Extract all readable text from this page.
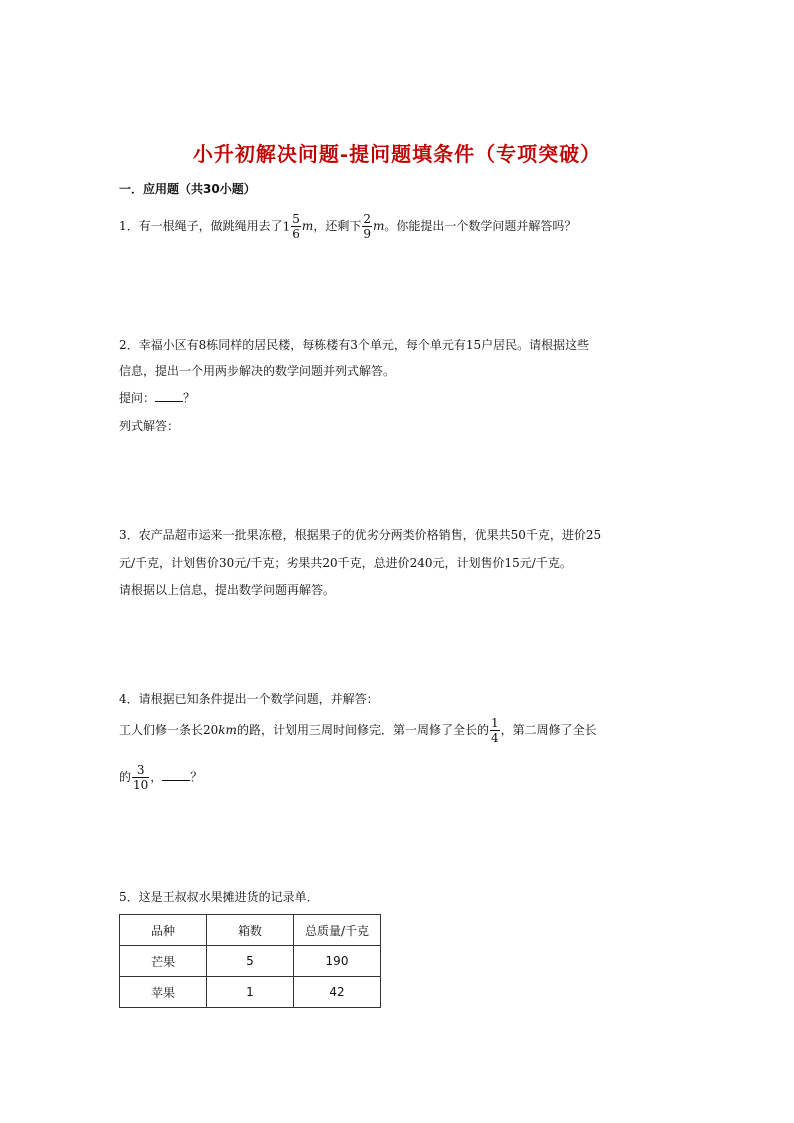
小升初解决问题-提问题填条件（专项突破）
一．应用题（共30小题）
1．有一根绳子，做跳绳用去了$1 \frac{5}{6}$ m，还剩下 $\frac{2}{9}$ m。你能提出一个数学问题并解答吗？
2．幸福小区有8栋同样的居民楼，每栋楼有3个单元，每个单元有15户居民。请根据这些
信息，提出一个用两步解决的数学问题并列式解答。
提问： ？
列式解答：
3．农产品超市运来一批果冻橙，根据果子的优劣分两类价格销售，优果共50千克，进价25
元/千克，计划售价30元/千克；劣果共20千克，总进价240元，计划售价15元/千克。
请根据以上信息，提出数学问题再解答。
4．请根据已知条件提出一个数学问题，并解答：
工人们修一条长20km的路，计划用三周时间修完．第一周修了全长的 $\frac{1}{4}$ ，第二周修了全长
的 $\frac{3}{10}$ ， ？
5．这是王叔叔水果摊进货的记录单．
品种	箱数	总质量/千克
芒果	5	190
苹果	1	42
